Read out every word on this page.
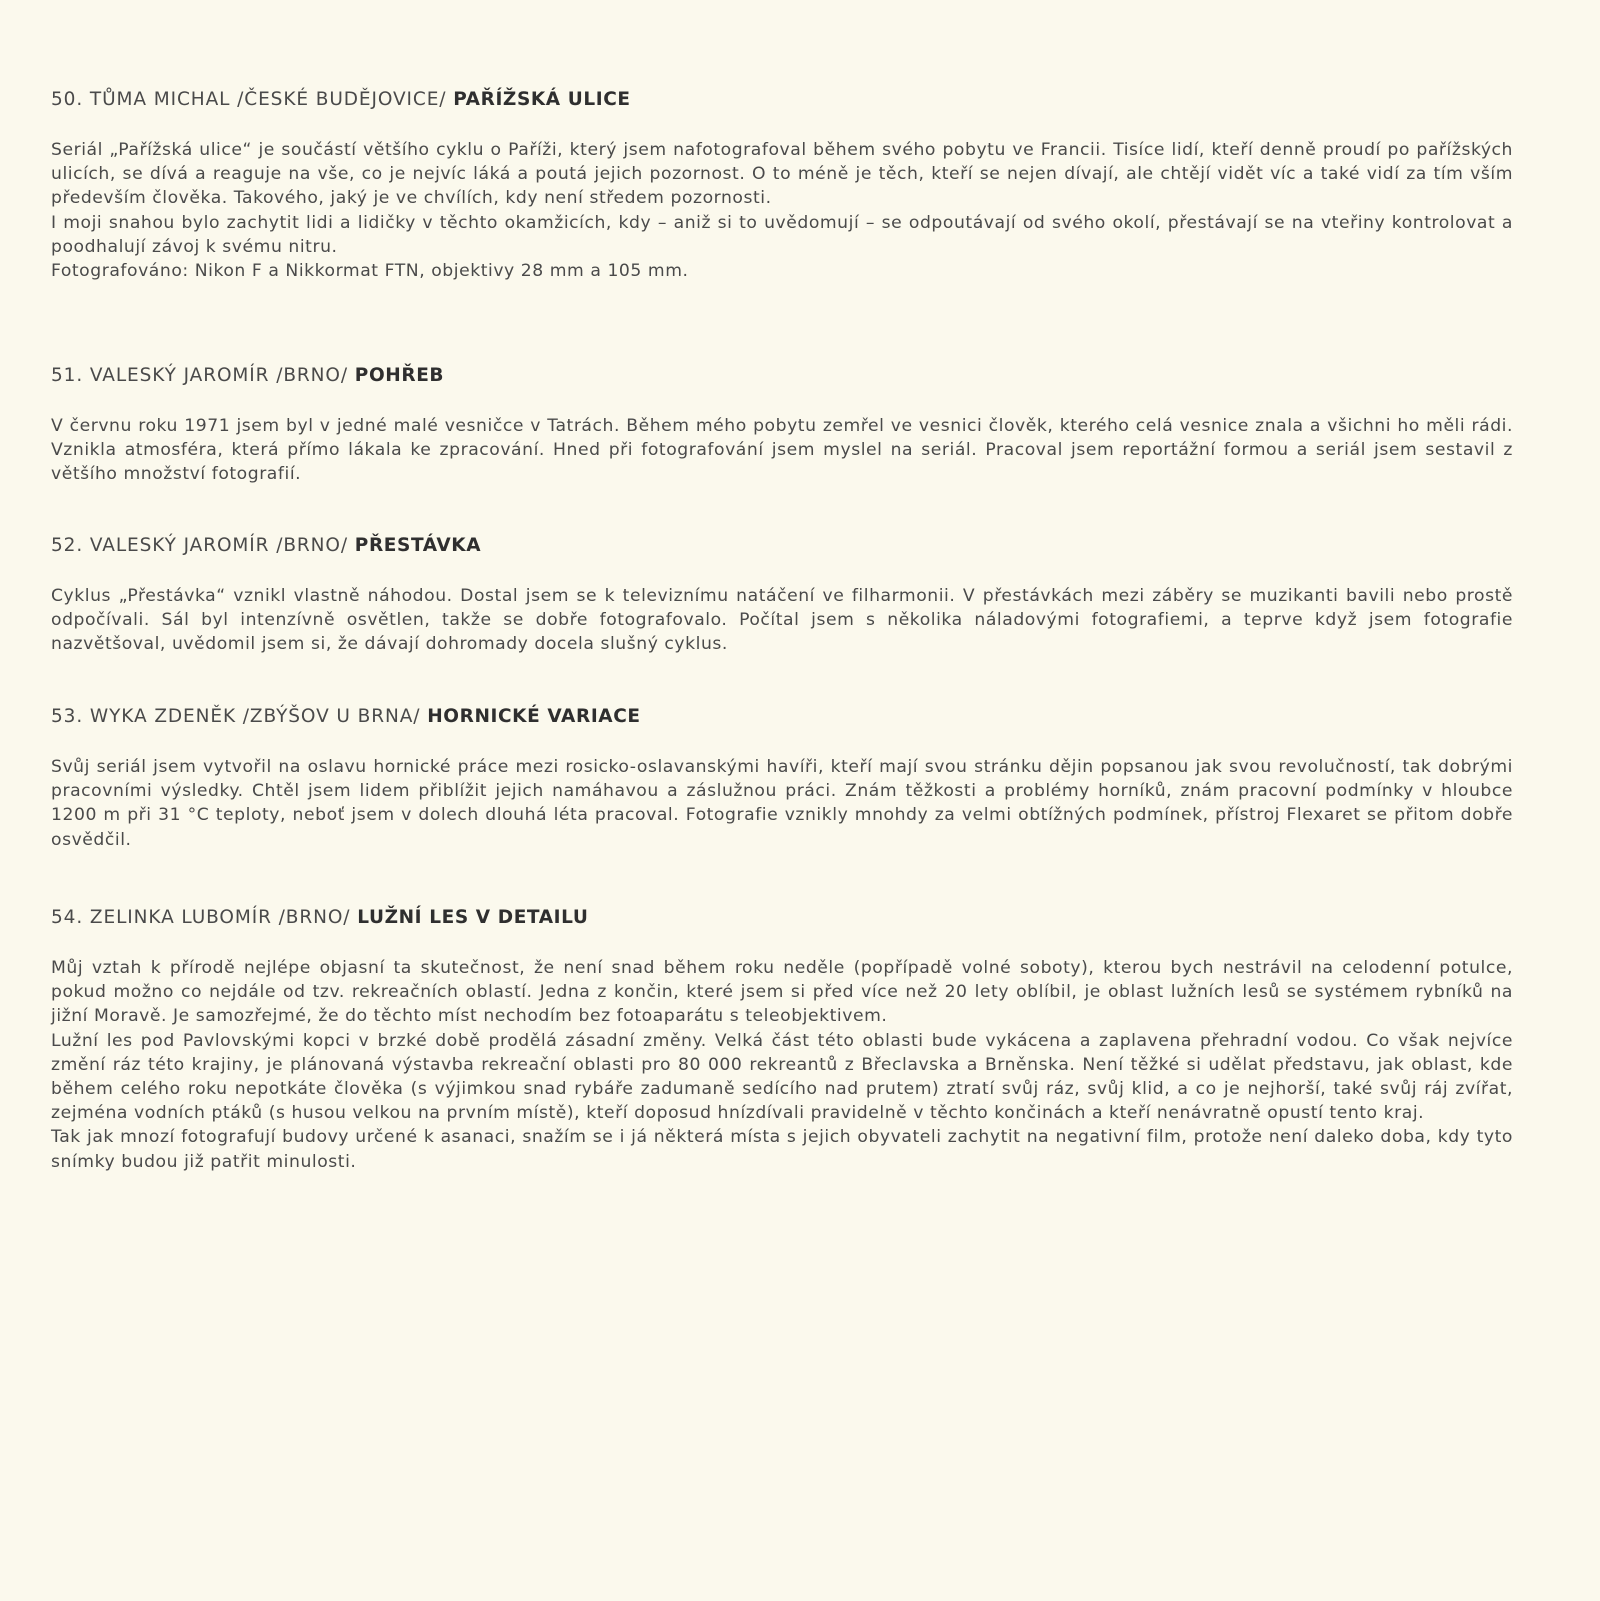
50. TŮMA MICHAL /ČESKÉ BUDĚJOVICE/ PAŘÍŽSKÁ ULICE

Seriál „Pařížská ulice“ je součástí většího cyklu o Paříži, který jsem nafotografoval během svého pobytu ve Francii. Tisíce lidí, kteří denně proudí po pařížských ulicích, se dívá a reaguje na vše, co je nejvíc láká a poutá jejich pozornost. O to méně je těch, kteří se nejen dívají, ale chtějí vidět víc a také vidí za tím vším především člověka. Takového, jaký je ve chvílích, kdy není středem pozornosti.

I moji snahou bylo zachytit lidi a lidičky v těchto okamžicích, kdy – aniž si to uvědomují – se odpoutávají od svého okolí, přestávají se na vteřiny kontrolovat a poodhalují závoj k svému nitru.

Fotografováno: Nikon F a Nikkormat FTN, objektivy 28 mm a 105 mm.

51. VALESKÝ JAROMÍR /BRNO/ POHŘEB

V červnu roku 1971 jsem byl v jedné malé vesničce v Tatrách. Během mého pobytu zemřel ve vesnici člověk, kterého celá vesnice znala a všichni ho měli rádi. Vznikla atmosféra, která přímo lákala ke zpracování. Hned při fotografování jsem myslel na seriál. Pracoval jsem reportážní formou a seriál jsem sestavil z většího množství fotografií.

52. VALESKÝ JAROMÍR /BRNO/ PŘESTÁVKA

Cyklus „Přestávka“ vznikl vlastně náhodou. Dostal jsem se k televiznímu natáčení ve filharmonii. V přestávkách mezi záběry se muzikanti bavili nebo prostě odpočívali. Sál byl intenzívně osvětlen, takže se dobře fotografovalo. Počítal jsem s několika náladovými fotografiemi, a teprve když jsem fotografie nazvětšoval, uvědomil jsem si, že dávají dohromady docela slušný cyklus.

53. WYKA ZDENĚK /ZBÝŠOV U BRNA/ HORNICKÉ VARIACE

Svůj seriál jsem vytvořil na oslavu hornické práce mezi rosicko-oslavanskými havíři, kteří mají svou stránku dějin popsanou jak svou revolučností, tak dobrými pracovními výsledky. Chtěl jsem lidem přiblížit jejich namáhavou a záslužnou práci. Znám těžkosti a problémy horníků, znám pracovní podmínky v hloubce 1200 m při 31 °C teploty, neboť jsem v dolech dlouhá léta pracoval. Fotografie vznikly mnohdy za velmi obtížných podmínek, přístroj Flexaret se přitom dobře osvědčil.

54. ZELINKA LUBOMÍR /BRNO/ LUŽNÍ LES V DETAILU

Můj vztah k přírodě nejlépe objasní ta skutečnost, že není snad během roku neděle (popřípadě volné soboty), kterou bych nestrávil na celodenní potulce, pokud možno co nejdále od tzv. rekreačních oblastí. Jedna z končin, které jsem si před více než 20 lety oblíbil, je oblast lužních lesů se systémem rybníků na jižní Moravě. Je samozřejmé, že do těchto míst nechodím bez fotoaparátu s teleobjektivem.

Lužní les pod Pavlovskými kopci v brzké době prodělá zásadní změny. Velká část této oblasti bude vykácena a zaplavena přehradní vodou. Co však nejvíce změní ráz této krajiny, je plánovaná výstavba rekreační oblasti pro 80 000 rekreantů z Břeclavska a Brněnska. Není těžké si udělat představu, jak oblast, kde během celého roku nepotkáte člověka (s výjimkou snad rybáře zadumaně sedícího nad prutem) ztratí svůj ráz, svůj klid, a co je nejhorší, také svůj ráj zvířat, zejména vodních ptáků (s husou velkou na prvním místě), kteří doposud hnízdívali pravidelně v těchto končinách a kteří nenávratně opustí tento kraj.

Tak jak mnozí fotografují budovy určené k asanaci, snažím se i já některá místa s jejich obyvateli zachytit na negativní film, protože není daleko doba, kdy tyto snímky budou již patřit minulosti.
